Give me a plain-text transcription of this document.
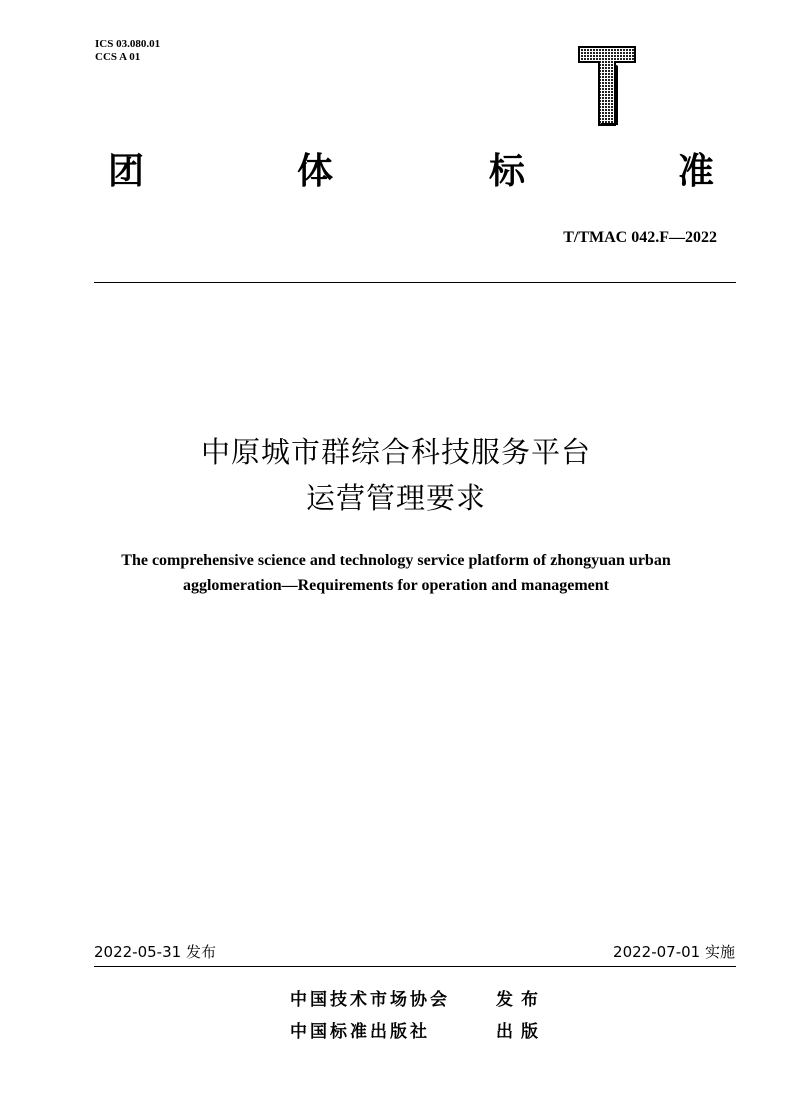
ICS 03.080.01
CCS A 01
团	体	标	准
T/TMAC 042.F—2022
中原城市群综合科技服务平台
运营管理要求
The comprehensive science and technology service platform of zhongyuan urban
agglomeration—Requirements for operation and management
2022-05-31 发布	2022-07-01 实施
中国技术市场协会	发布
中国标准出版社	出版
